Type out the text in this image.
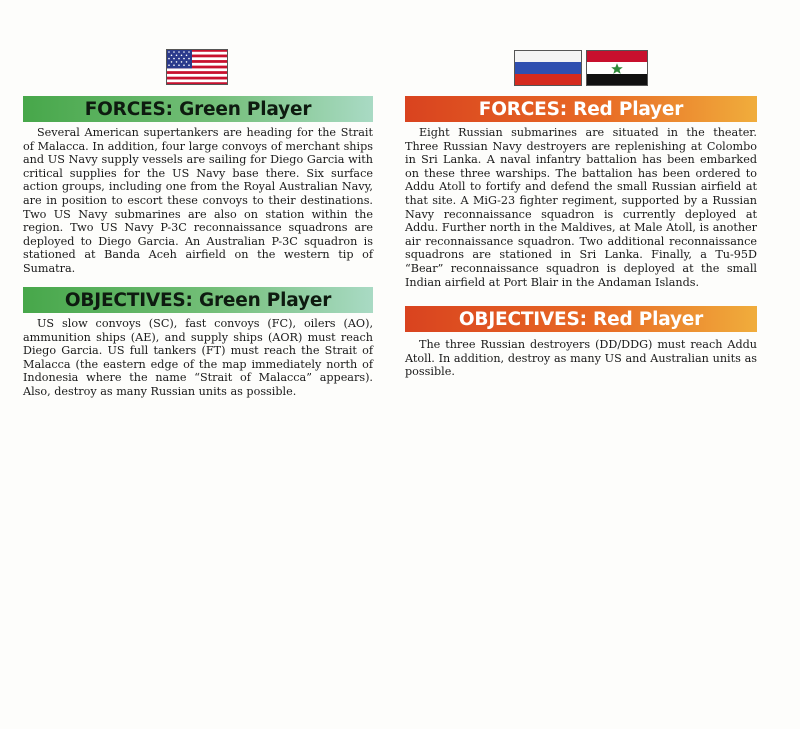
FORCES: Green Player

Several American supertankers are heading for the Strait of Malacca. In addition, four large convoys of merchant ships and US Navy supply vessels are sailing for Diego Garcia with critical supplies for the US Navy base there. Six surface action groups, including one from the Royal Australian Navy, are in position to escort these convoys to their destinations. Two US Navy submarines are also on station within the region. Two US Navy P-3C reconnaissance squadrons are deployed to Diego Garcia. An Australian P-3C squadron is stationed at Banda Aceh airfield on the western tip of Sumatra.

OBJECTIVES: Green Player

US slow convoys (SC), fast convoys (FC), oilers (AO), ammunition ships (AE), and supply ships (AOR) must reach Diego Garcia. US full tankers (FT) must reach the Strait of Malacca (the eastern edge of the map immediately north of Indonesia where the name “Strait of Malacca” appears). Also, destroy as many Russian units as possible.

FORCES: Red Player

Eight Russian submarines are situated in the theater. Three Russian Navy destroyers are replenishing at Colombo in Sri Lanka. A naval infantry battalion has been embarked on these three warships. The battalion has been ordered to Addu Atoll to fortify and defend the small Russian airfield at that site. A MiG-23 fighter regiment, supported by a Russian Navy reconnaissance squadron is currently deployed at Addu. Further north in the Maldives, at Male Atoll, is another air reconnaissance squadron. Two additional reconnaissance squadrons are stationed in Sri Lanka. Finally, a Tu-95D “Bear” reconnaissance squadron is deployed at the small Indian airfield at Port Blair in the Andaman Islands.

OBJECTIVES: Red Player

The three Russian destroyers (DD/DDG) must reach Addu Atoll. In addition, destroy as many US and Australian units as possible.
